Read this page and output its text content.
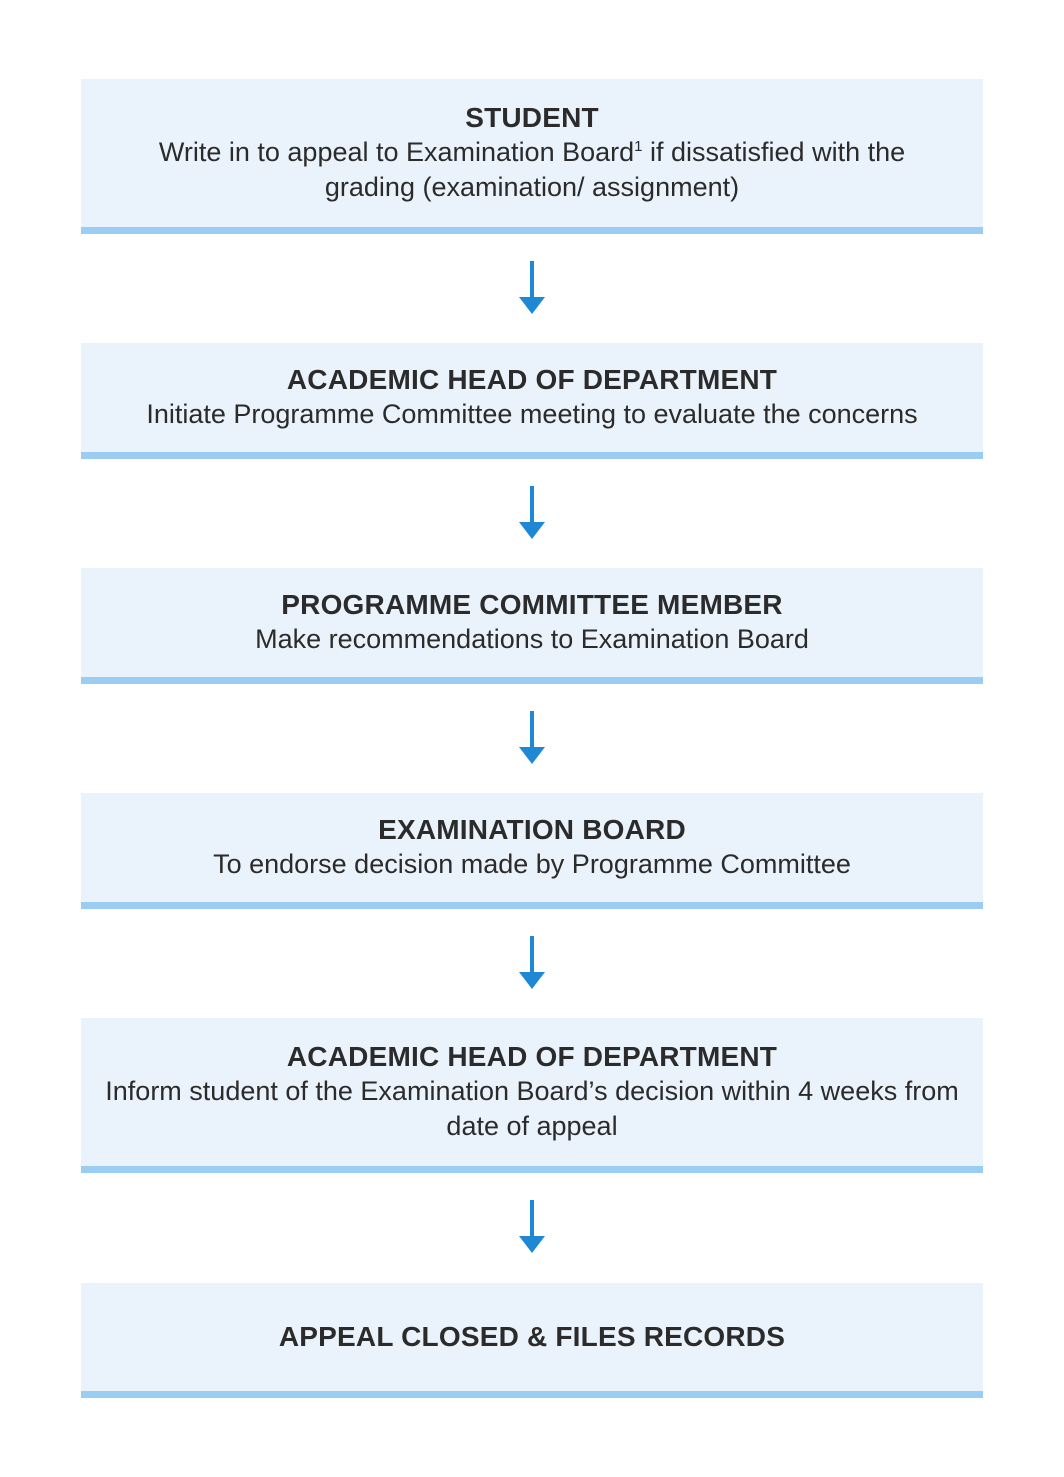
STUDENT
Write in to appeal to Examination Board$^1$ if dissatisfied with the grading (examination/ assignment)
ACADEMIC HEAD OF DEPARTMENT
Initiate Programme Committee meeting to evaluate the concerns
PROGRAMME COMMITTEE MEMBER
Make recommendations to Examination Board
EXAMINATION BOARD
To endorse decision made by Programme Committee
ACADEMIC HEAD OF DEPARTMENT
Inform student of the Examination Board’s decision within 4 weeks from date of appeal
APPEAL CLOSED & FILES RECORDS
